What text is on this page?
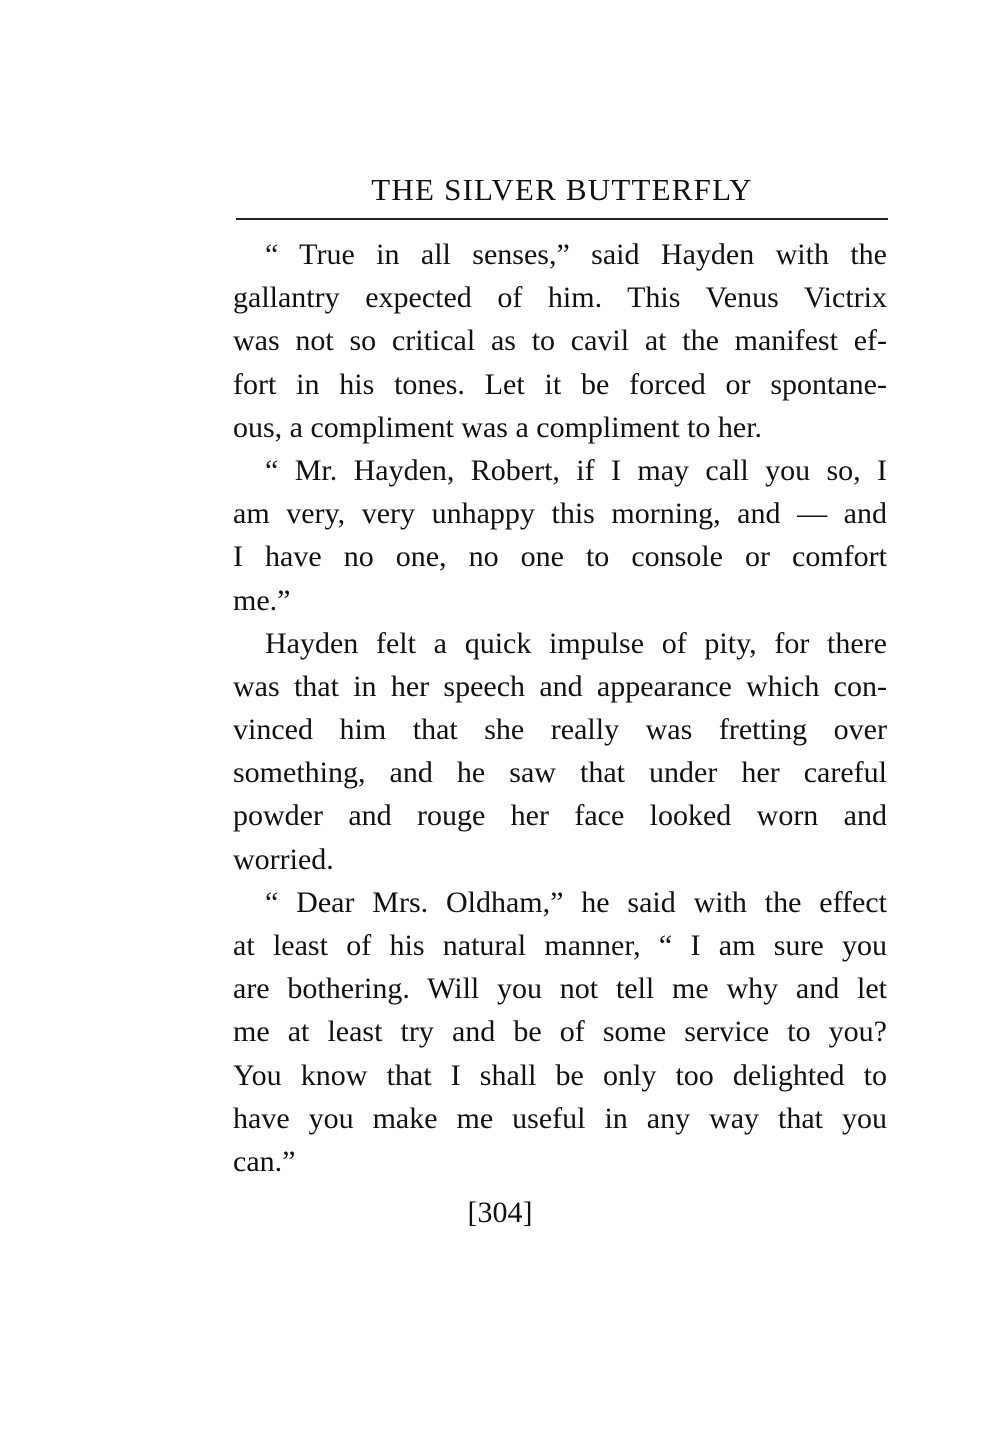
THE SILVER BUTTERFLY

“ True in all senses,” said Hayden with the
gallantry expected of him. This Venus Victrix
was not so critical as to cavil at the manifest ef-
fort in his tones. Let it be forced or spontane-
ous, a compliment was a compliment to her.

“ Mr. Hayden, Robert, if I may call you so, I
am very, very unhappy this morning, and — and
I have no one, no one to console or comfort
me.”

Hayden felt a quick impulse of pity, for there
was that in her speech and appearance which con-
vinced him that she really was fretting over
something, and he saw that under her careful
powder and rouge her face looked worn and
worried.

“ Dear Mrs. Oldham,” he said with the effect
at least of his natural manner, “ I am sure you
are bothering. Will you not tell me why and let
me at least try and be of some service to you?
You know that I shall be only too delighted to
have you make me useful in any way that you
can.”

[304]
